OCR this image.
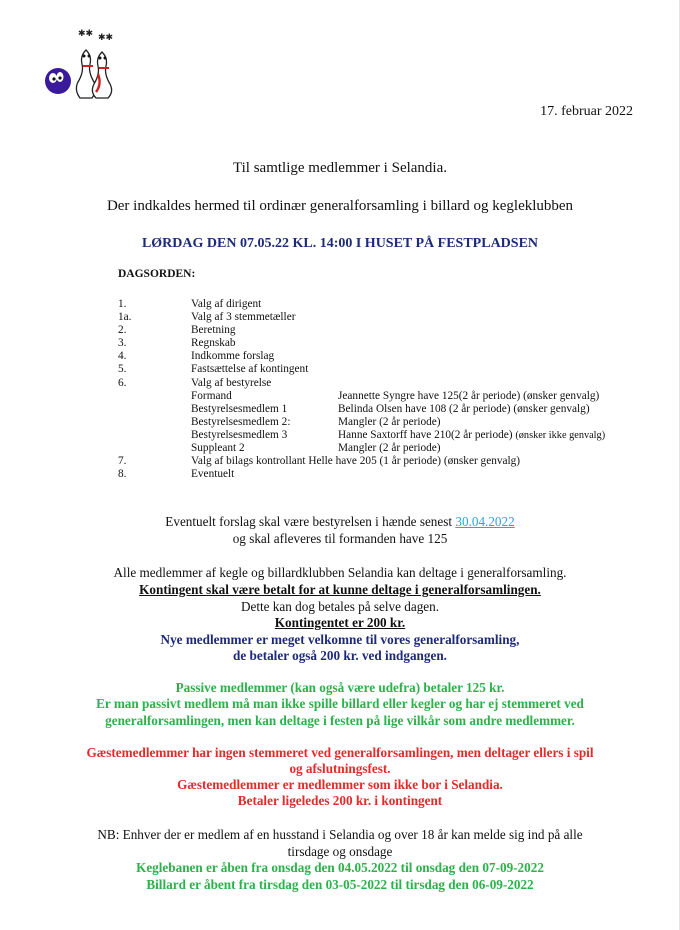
✱✱ ✱✱
17. februar 2022
Til samtlige medlemmer i Selandia.
Der indkaldes hermed til ordinær generalforsamling i billard og kegleklubben
LØRDAG DEN 07.05.22 KL. 14:00 I HUSET PÅ FESTPLADSEN
DAGSORDEN:
1.	Valg af dirigent
1a.	Valg af 3 stemmetæller
2.	Beretning
3.	Regnskab
4.	Indkomme forslag
5.	Fastsættelse af kontingent
6.	Valg af bestyrelse
Formand	Jeannette Syngre have 125(2 år periode) (ønsker genvalg)
Bestyrelsesmedlem 1	Belinda Olsen have 108 (2 år periode) (ønsker genvalg)
Bestyrelsesmedlem 2:	Mangler (2 år periode)
Bestyrelsesmedlem 3	Hanne Saxtorff have 210(2 år periode) (ønsker ikke genvalg)
Suppleant 2	Mangler (2 år periode)
7.	Valg af bilags kontrollant Helle have 205 (1 år periode) (ønsker genvalg)
8.	Eventuelt
Eventuelt forslag skal være bestyrelsen i hænde senest 30.04.2022
og skal afleveres til formanden have 125
Alle medlemmer af kegle og billardklubben Selandia kan deltage i generalforsamling.
Kontingent skal være betalt for at kunne deltage i generalforsamlingen.
Dette kan dog betales på selve dagen.
Kontingentet er 200 kr.
Nye medlemmer er meget velkomne til vores generalforsamling,
de betaler også 200 kr. ved indgangen.
Passive medlemmer (kan også være udefra) betaler 125 kr.
Er man passivt medlem må man ikke spille billard eller kegler og har ej stemmeret ved
generalforsamlingen, men kan deltage i festen på lige vilkår som andre medlemmer.
Gæstemedlemmer har ingen stemmeret ved generalforsamlingen, men deltager ellers i spil
og afslutningsfest.
Gæstemedlemmer er medlemmer som ikke bor i Selandia.
Betaler ligeledes 200 kr. i kontingent
NB: Enhver der er medlem af en husstand i Selandia og over 18 år kan melde sig ind på alle
tirsdage og onsdage
Keglebanen er åben fra onsdag den 04.05.2022 til onsdag den 07-09-2022
Billard er åbent fra tirsdag den 03-05-2022 til tirsdag den 06-09-2022
